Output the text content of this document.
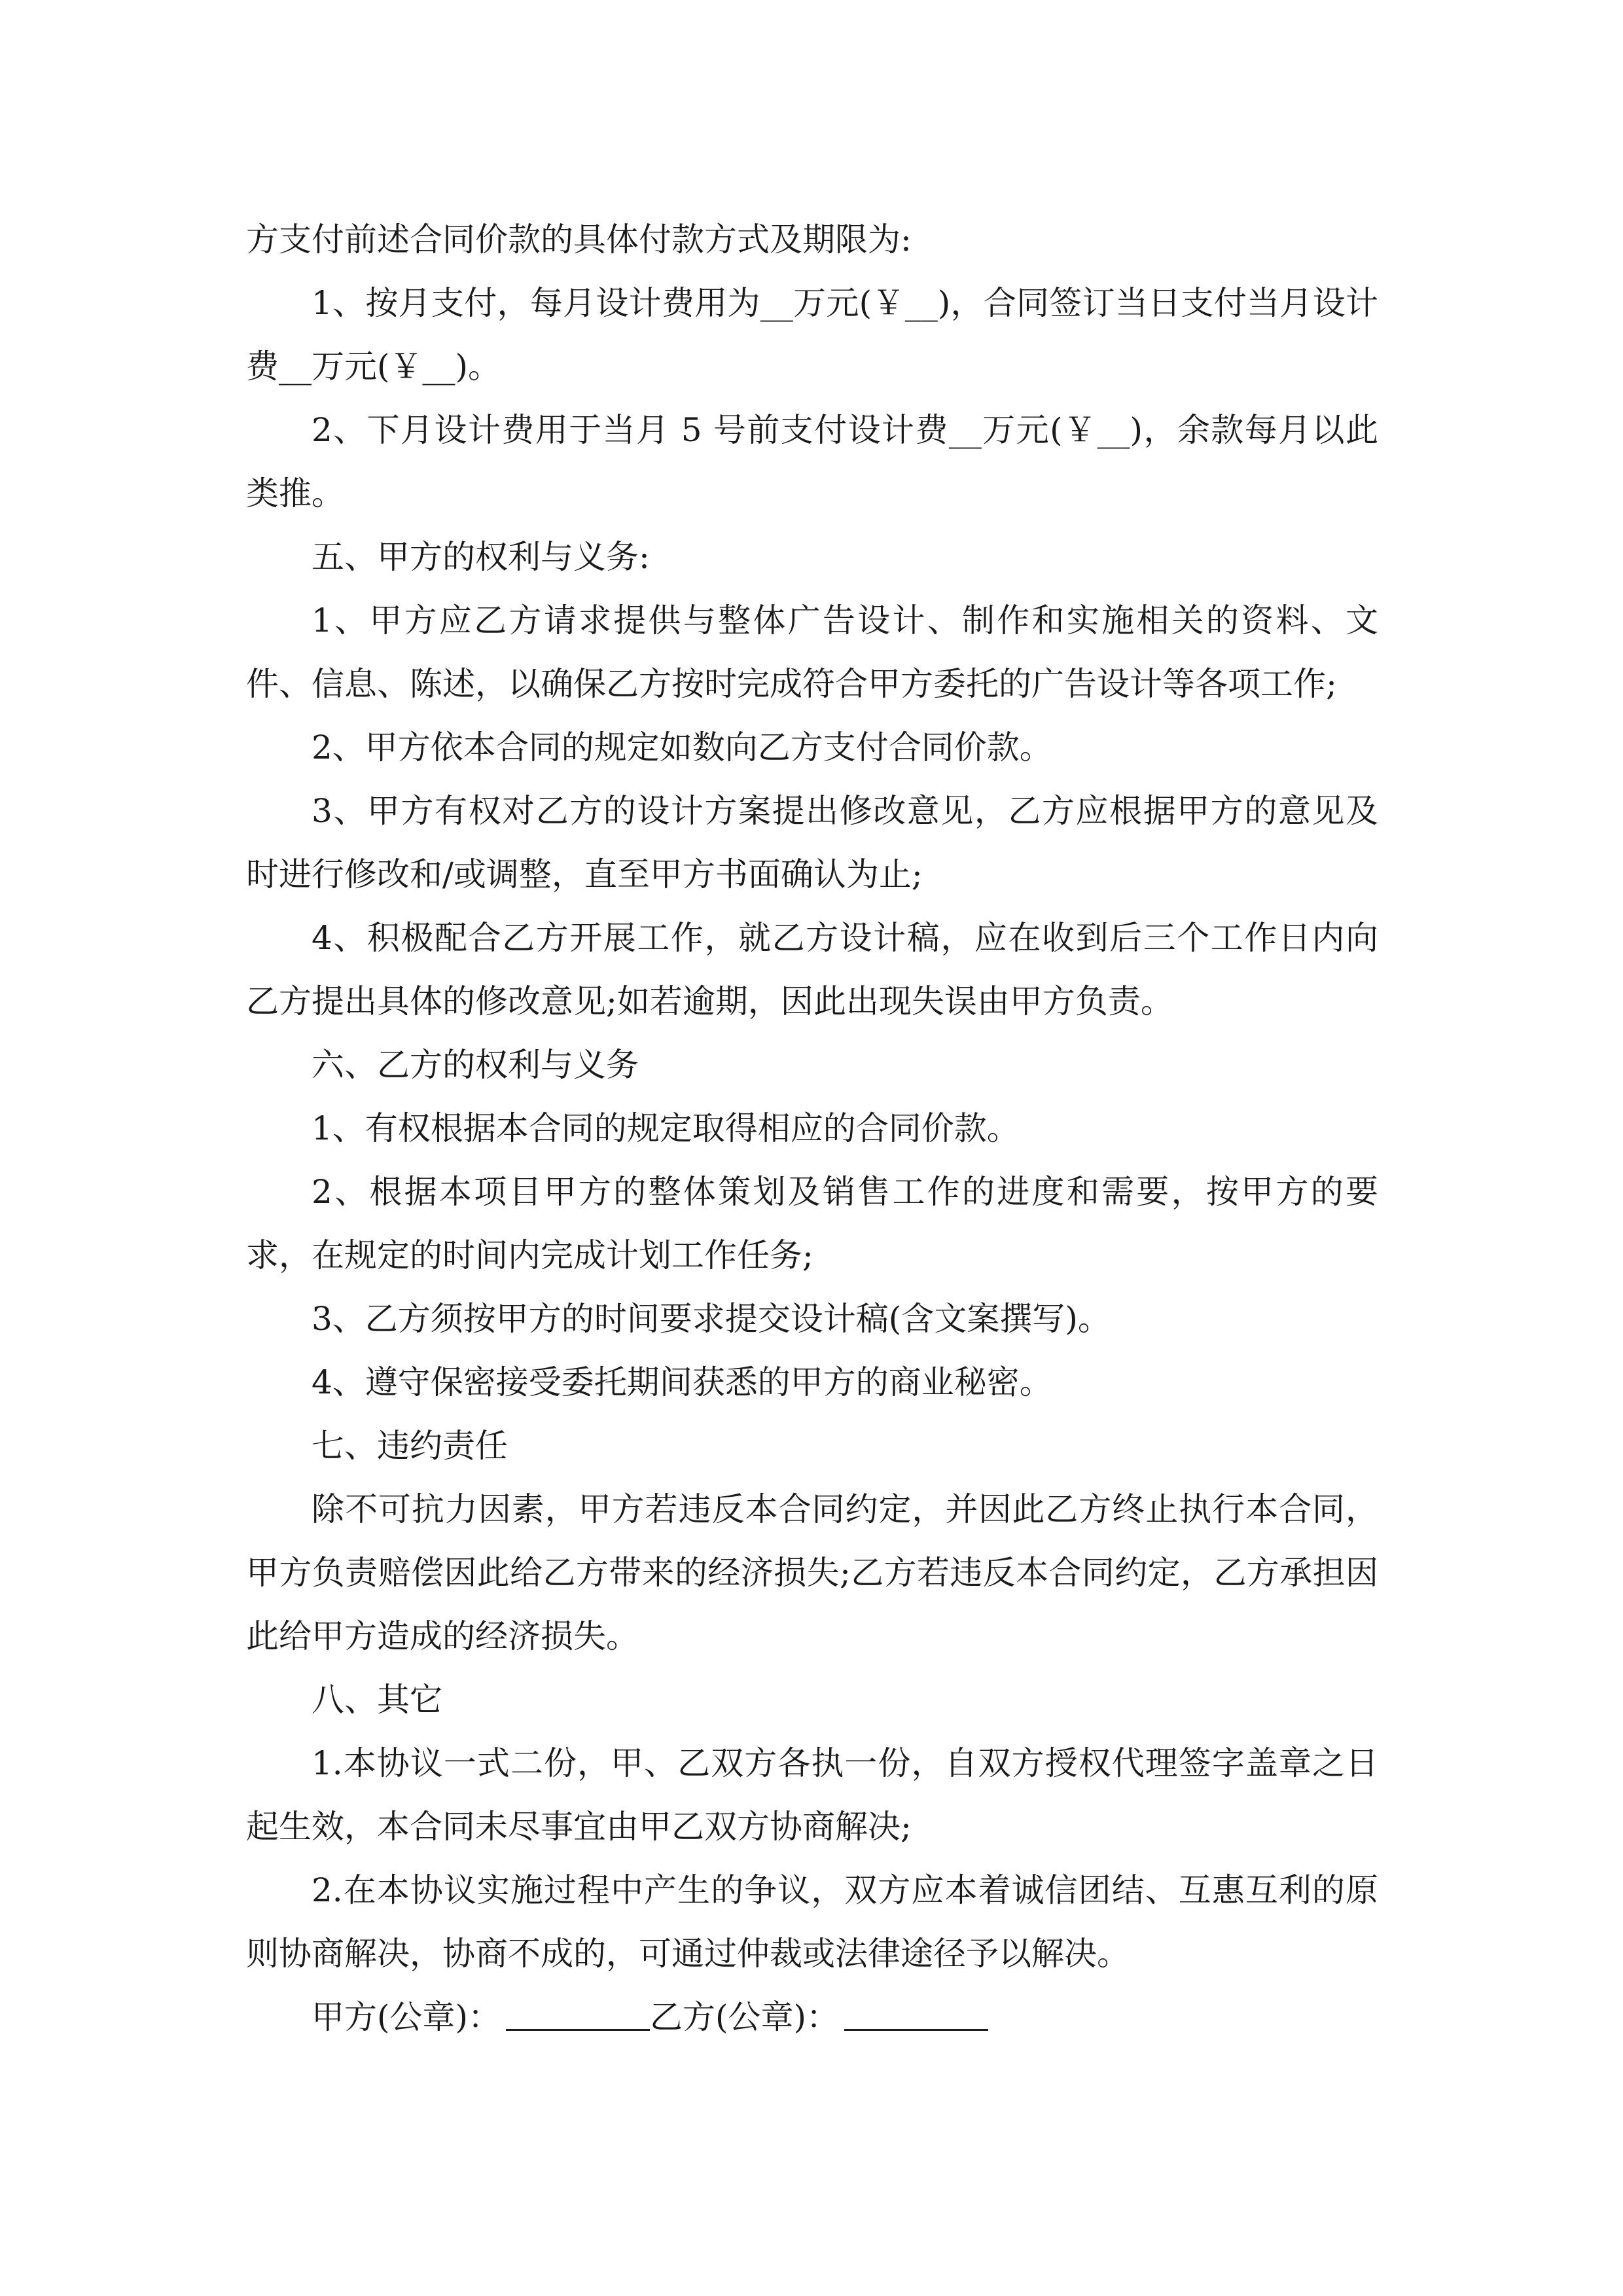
方支付前述合同价款的具体付款方式及期限为:

1、按月支付，每月设计费用为__万元(￥__)，合同签订当日支付当月设计费__万元(￥__)。

2、下月设计费用于当月 5 号前支付设计费__万元(￥__)，余款每月以此类推。

五、甲方的权利与义务:

1、甲方应乙方请求提供与整体广告设计、制作和实施相关的资料、文件、信息、陈述，以确保乙方按时完成符合甲方委托的广告设计等各项工作;

2、甲方依本合同的规定如数向乙方支付合同价款。

3、甲方有权对乙方的设计方案提出修改意见，乙方应根据甲方的意见及时进行修改和/或调整，直至甲方书面确认为止;

4、积极配合乙方开展工作，就乙方设计稿，应在收到后三个工作日内向乙方提出具体的修改意见;如若逾期，因此出现失误由甲方负责。

六、乙方的权利与义务

1、有权根据本合同的规定取得相应的合同价款。

2、根据本项目甲方的整体策划及销售工作的进度和需要，按甲方的要求，在规定的时间内完成计划工作任务;

3、乙方须按甲方的时间要求提交设计稿(含文案撰写)。

4、遵守保密接受委托期间获悉的甲方的商业秘密。

七、违约责任

除不可抗力因素，甲方若违反本合同约定，并因此乙方终止执行本合同，甲方负责赔偿因此给乙方带来的经济损失;乙方若违反本合同约定，乙方承担因此给甲方造成的经济损失。

八、其它

1.本协议一式二份，甲、乙双方各执一份，自双方授权代理签字盖章之日起生效，本合同未尽事宜由甲乙双方协商解决;

2.在本协议实施过程中产生的争议，双方应本着诚信团结、互惠互利的原则协商解决，协商不成的，可通过仲裁或法律途径予以解决。

甲方(公章)：	乙方(公章)：
